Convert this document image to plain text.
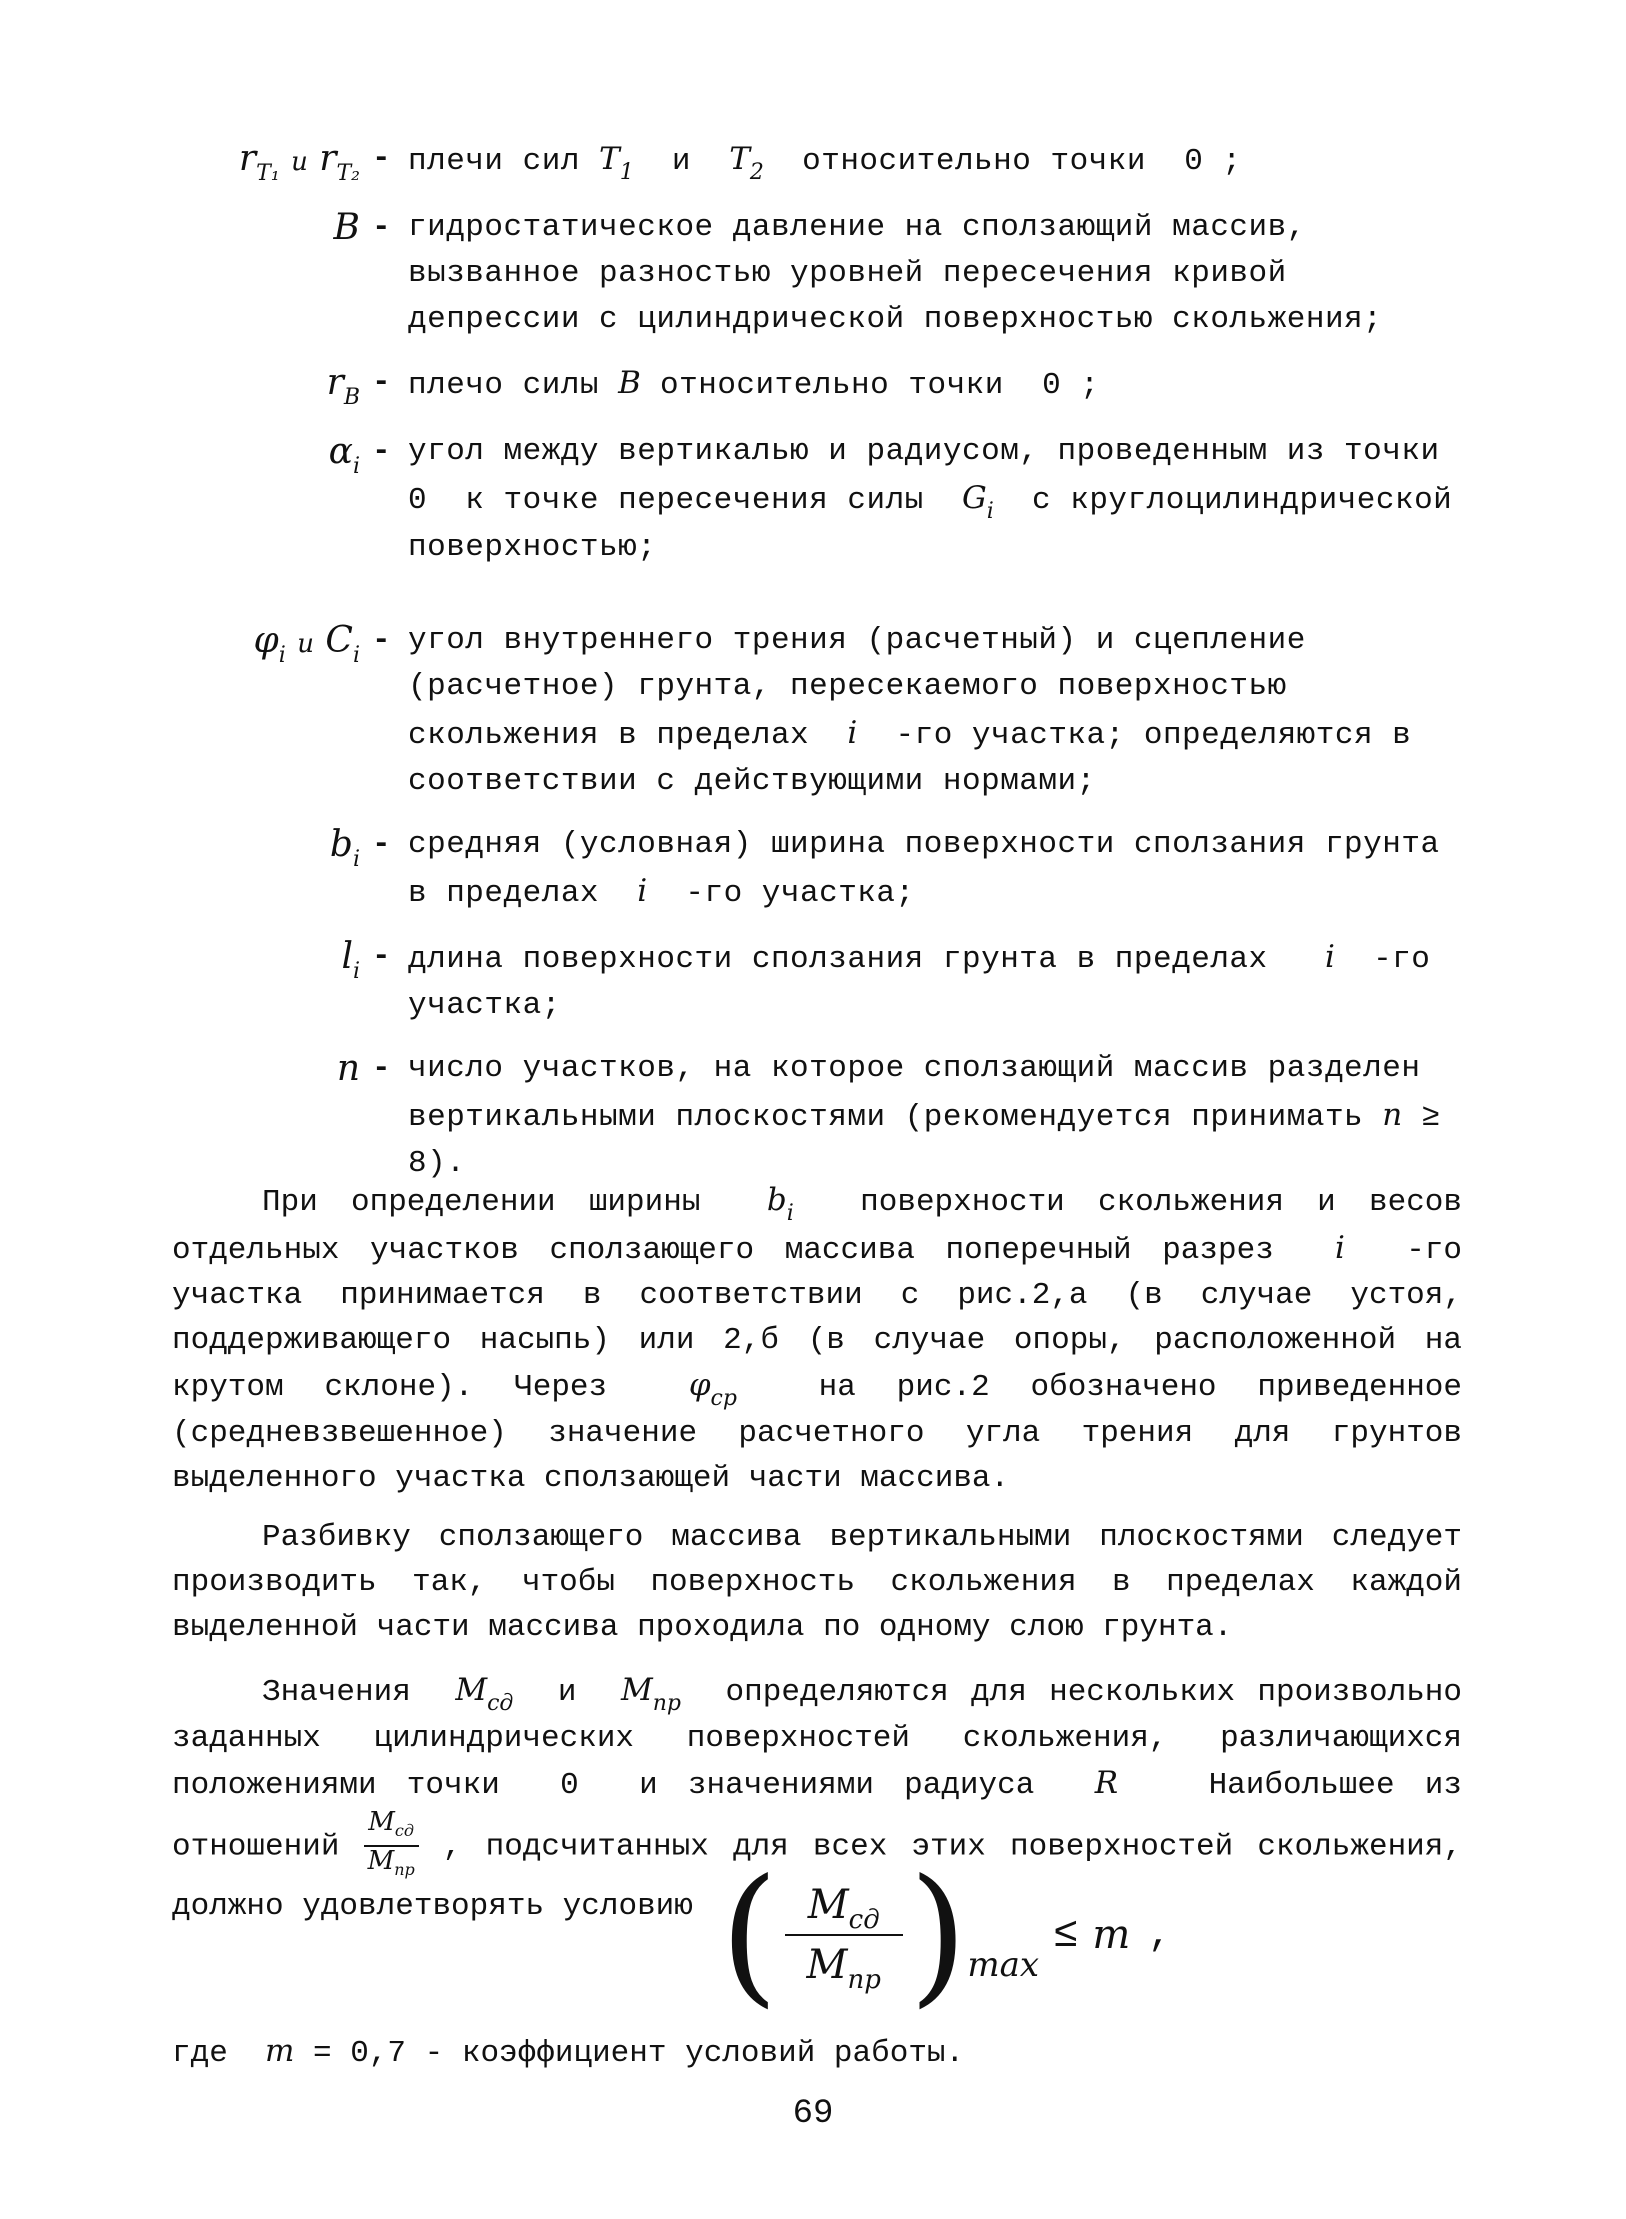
$r_{T_1}$ и $r_{T_2}$ - плечи сил $T_1$  и  $T_2$  относительно точки  0 ;
B - гидростатическое давление на сползающий массив, вызванное разностью уровней пересечения кривой депрессии с цилиндрической поверхностью скольжения;
$r_B$ - плечо силы B относительно точки  0 ;
$\alpha_i$ - угол между вертикалью и радиусом, проведенным из точки 0  к точке пересечения силы  $G_i$  с круглоцилиндрической поверхностью;
$\varphi_i$ и $C_i$ - угол внутреннего трения (расчетный) и сцепление (расчетное) грунта, пересекаемого поверхностью скольжения в пределах  i  -го участка; определяются в соответствии с действующими нормами;
$b_i$ - средняя (условная) ширина поверхности сползания грунта в пределах  i  -го участка;
$l_i$ - длина поверхности сползания грунта в пределах   i  -го участка;
n - число участков, на которое сползающий массив разделен вертикальными плоскостями (рекомендуется принимать n ≥ 8).
При определении ширины  $b_i$  поверхности скольжения и весов отдельных участков сползающего массива поперечный разрез  i  -го участка принимается в соответствии с рис.2,а (в случае устоя, поддерживающего насыпь) или 2,б (в случае опоры, расположенной на крутом склоне). Через  $\varphi_{ср}$  на рис.2 обозначено приведенное (средневзвешенное) значение расчетного угла трения для грунтов выделенного участка сползающей части массива.
Разбивку сползающего массива вертикальными плоскостями следует производить так, чтобы поверхность скольжения в пределах каждой выделенной части массива проходила по одному слою грунта.
Значения  $M_{сд}$  и  $M_{пр}$  определяются для нескольких произвольно заданных цилиндрических поверхностей скольжения, различающихся положениями точки  0  и значениями радиуса  R   Наибольшее из отношений $\frac{M_{сд}}{M_{пр}}$ , подсчитанных для всех этих поверхностей скольжения, должно удовлетворять условию ( $\frac{M_{сд}}{M_{пр}}$ ) max
≤ m ,
где  m = 0,7 - коэффициент условий работы.
69
